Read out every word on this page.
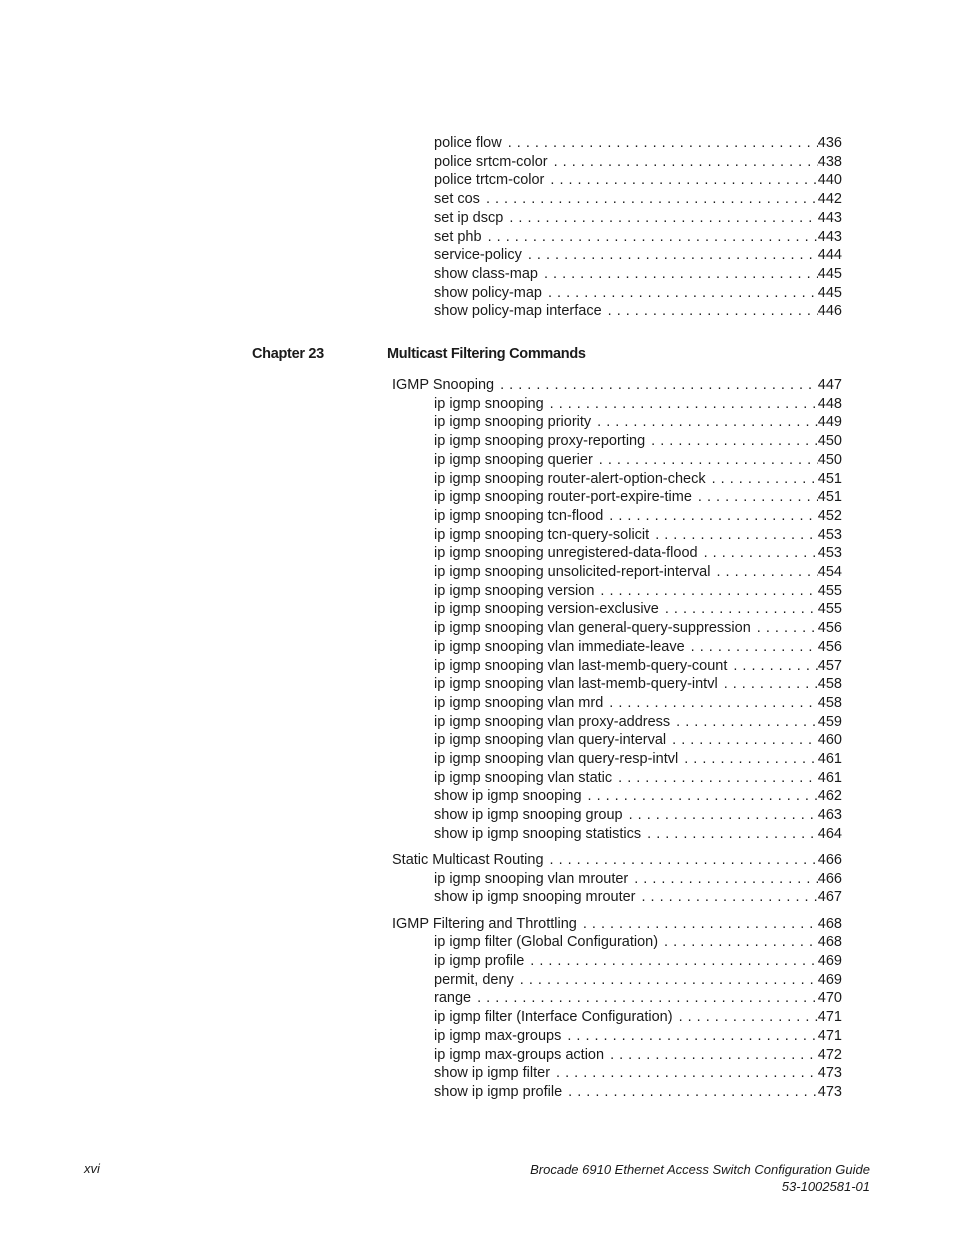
police flow . . .	436
police srtcm-color . . .	438
police trtcm-color . . .	440
set cos . . .	442
set ip dscp . . .	443
set phb . . .	443
service-policy . . .	444
show class-map . . .	445
show policy-map . . .	445
show policy-map interface . . .	446
Chapter 23	Multicast Filtering Commands
IGMP Snooping . . .	447
ip igmp snooping . . .	448
ip igmp snooping priority . . .	449
ip igmp snooping proxy-reporting . . .	450
ip igmp snooping querier . . .	450
ip igmp snooping router-alert-option-check . . .	451
ip igmp snooping router-port-expire-time . . .	451
ip igmp snooping tcn-flood . . .	452
ip igmp snooping tcn-query-solicit . . .	453
ip igmp snooping unregistered-data-flood . . .	453
ip igmp snooping unsolicited-report-interval . . .	454
ip igmp snooping version . . .	455
ip igmp snooping version-exclusive . . .	455
ip igmp snooping vlan general-query-suppression . . .	456
ip igmp snooping vlan immediate-leave . . .	456
ip igmp snooping vlan last-memb-query-count . . .	457
ip igmp snooping vlan last-memb-query-intvl . . .	458
ip igmp snooping vlan mrd . . .	458
ip igmp snooping vlan proxy-address . . .	459
ip igmp snooping vlan query-interval . . .	460
ip igmp snooping vlan query-resp-intvl . . .	461
ip igmp snooping vlan static . . .	461
show ip igmp snooping . . .	462
show ip igmp snooping group . . .	463
show ip igmp snooping statistics . . .	464
Static Multicast Routing . . .	466
ip igmp snooping vlan mrouter . . .	466
show ip igmp snooping mrouter . . .	467
IGMP Filtering and Throttling . . .	468
ip igmp filter (Global Configuration) . . .	468
ip igmp profile . . .	469
permit, deny . . .	469
range . . .	470
ip igmp filter (Interface Configuration) . . .	471
ip igmp max-groups . . .	471
ip igmp max-groups action . . .	472
show ip igmp filter . . .	473
show ip igmp profile . . .	473
xvi	Brocade 6910 Ethernet Access Switch Configuration Guide
53-1002581-01
